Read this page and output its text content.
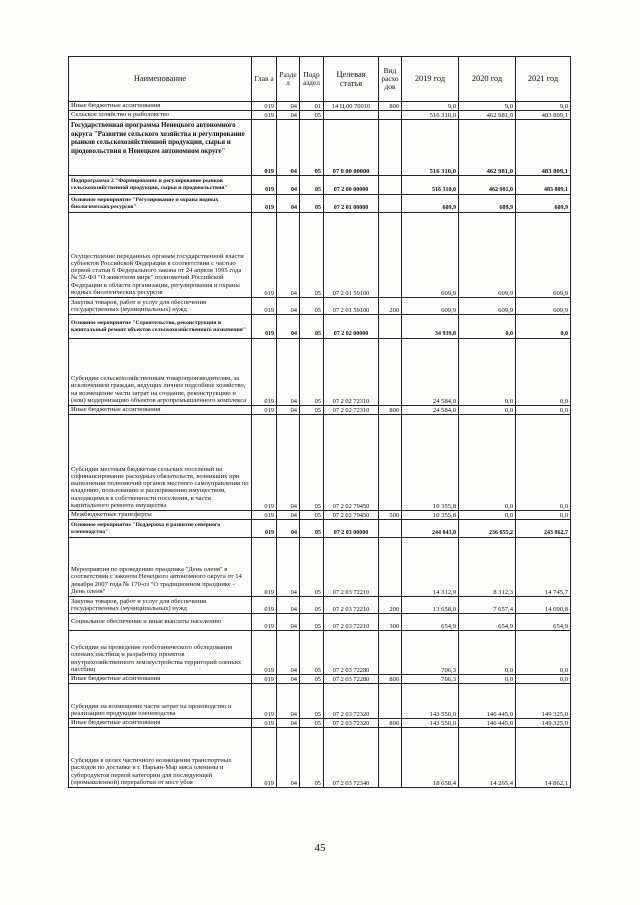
Наименование	Глав а	Разде л	Подр аздел	Целевая статья	Вид расхо дов	2019 год	2020 год	2021 год
Иные бюджетные ассигнования	019	04	01	14 Ц 00 70010	800	9,0	9,0	9,0
Сельское хозяйство и рыболовство	019	04	05			516 310,0	462 981,0	483 809,1
Государственная программа Ненецкого автономного округа "Развитие сельского хозяйства и регулирование рынков сельскохозяйственной продукции, сырья и продовольствия в Ненецком автономном округе"	019	04	05	07 0 00 00000		516 310,0	462 981,0	483 809,1
Подпрограмма 2 "Формирование и регулирование рынков сельскохозяйственной продукции, сырья и продовольствия"	019	04	05	07 2 00 00000		516 310,0	462 981,0	483 809,1
Основное мероприятие "Регулирование и охрана водных биологических ресурсов"	019	04	05	07 2 01 00000		609,9	609,9	609,9
Осуществление переданных органам государственной власти субъектов Российской Федерации в соответствии с частью первой статьи 6 Федерального закона от 24 апреля 1995 года № 52-ФЗ "О животном мире" полномочий Российской Федерации в области организации, регулирования и охраны водных биологических ресурсов	019	04	05	07 2 01 59100		609,9	609,9	609,9
Закупка товаров, работ и услуг для обеспечения государственных (муниципальных) нужд	019	04	05	07 2 01 59100	200	609,9	609,9	609,9
Основное мероприятие "Строительство, реконструкция и капитальный ремонт объектов сельскохозяйственного назначения"	019	04	05	07 2 02 00000		34 939,8	0,0	0,0
Субсидии сельскохозяйственным товаропроизводителям, за исключением граждан, ведущих личное подсобное хозяйство, на возмещение части затрат на создание, реконструкцию и (или) модернизацию объектов агропромышленного комплекса	019	04	05	07 2 02 72310		24 584,0	0,0	0,0
Иные бюджетные ассигнования	019	04	05	07 2 02 72310	800	24 584,0	0,0	0,0
Субсидии местным бюджетам сельских поселений на софинансирование расходных обязательств, возникших при выполнении полномочий органов местного самоуправления по владению, пользованию и распоряжению имуществом, находящимся в собственности поселения, в части капитального ремонта имущества	019	04	05	07 2 02 79450		10 355,8	0,0	0,0
Межбюджетные трансферты	019	04	05	07 2 02 79450	500	10 355,8	0,0	0,0
Основное мероприятие "Поддержка и развитие северного оленеводства"	019	04	05	07 2 03 00000		244 843,8	236 655,2	243 862,7
Мероприятия по проведению праздника "День оленя" в соответствии с законом Ненецкого автономного округа от 14 декабря 2007 года № 170-оз "О традиционном празднике - День оленя"	019	04	05	07 2 03 72210		14 312,9	8 312,3	14 745,7
Закупка товаров, работ и услуг для обеспечения государственных (муниципальных) нужд	019	04	05	07 2 03 72210	200	13 658,0	7 657,4	14 090,8
Социальное обеспечение и иные выплаты населению	019	04	05	07 2 03 72210	300	654,9	654,9	654,9
Субсидии на проведение геоботанического обследования оленьих пастбищ и разработку проектов внутрихозяйственного землеустройства территорий оленьих пастбищ	019	04	05	07 2 03 72280		706,3	0,0	0,0
Иные бюджетные ассигнования	019	04	05	07 2 03 72280	800	706,3	0,0	0,0
Субсидии на возмещение части затрат на производство и реализацию продукции оленеводства	019	04	05	07 2 03 72320		143 550,0	146 445,0	149 325,0
Иные бюджетные ассигнования	019	04	05	07 2 03 72320	800	143 550,0	146 445,0	149 325,0
Субсидии в целях частичного возмещения транспортных расходов по доставке в г. Нарьян-Мар мяса оленины и субпродуктов первой категории для последующей (промышленной) переработки от мест убоя	019	04	05	07 2 03 72340		18 658,4	14 265,4	14 862,1
45
